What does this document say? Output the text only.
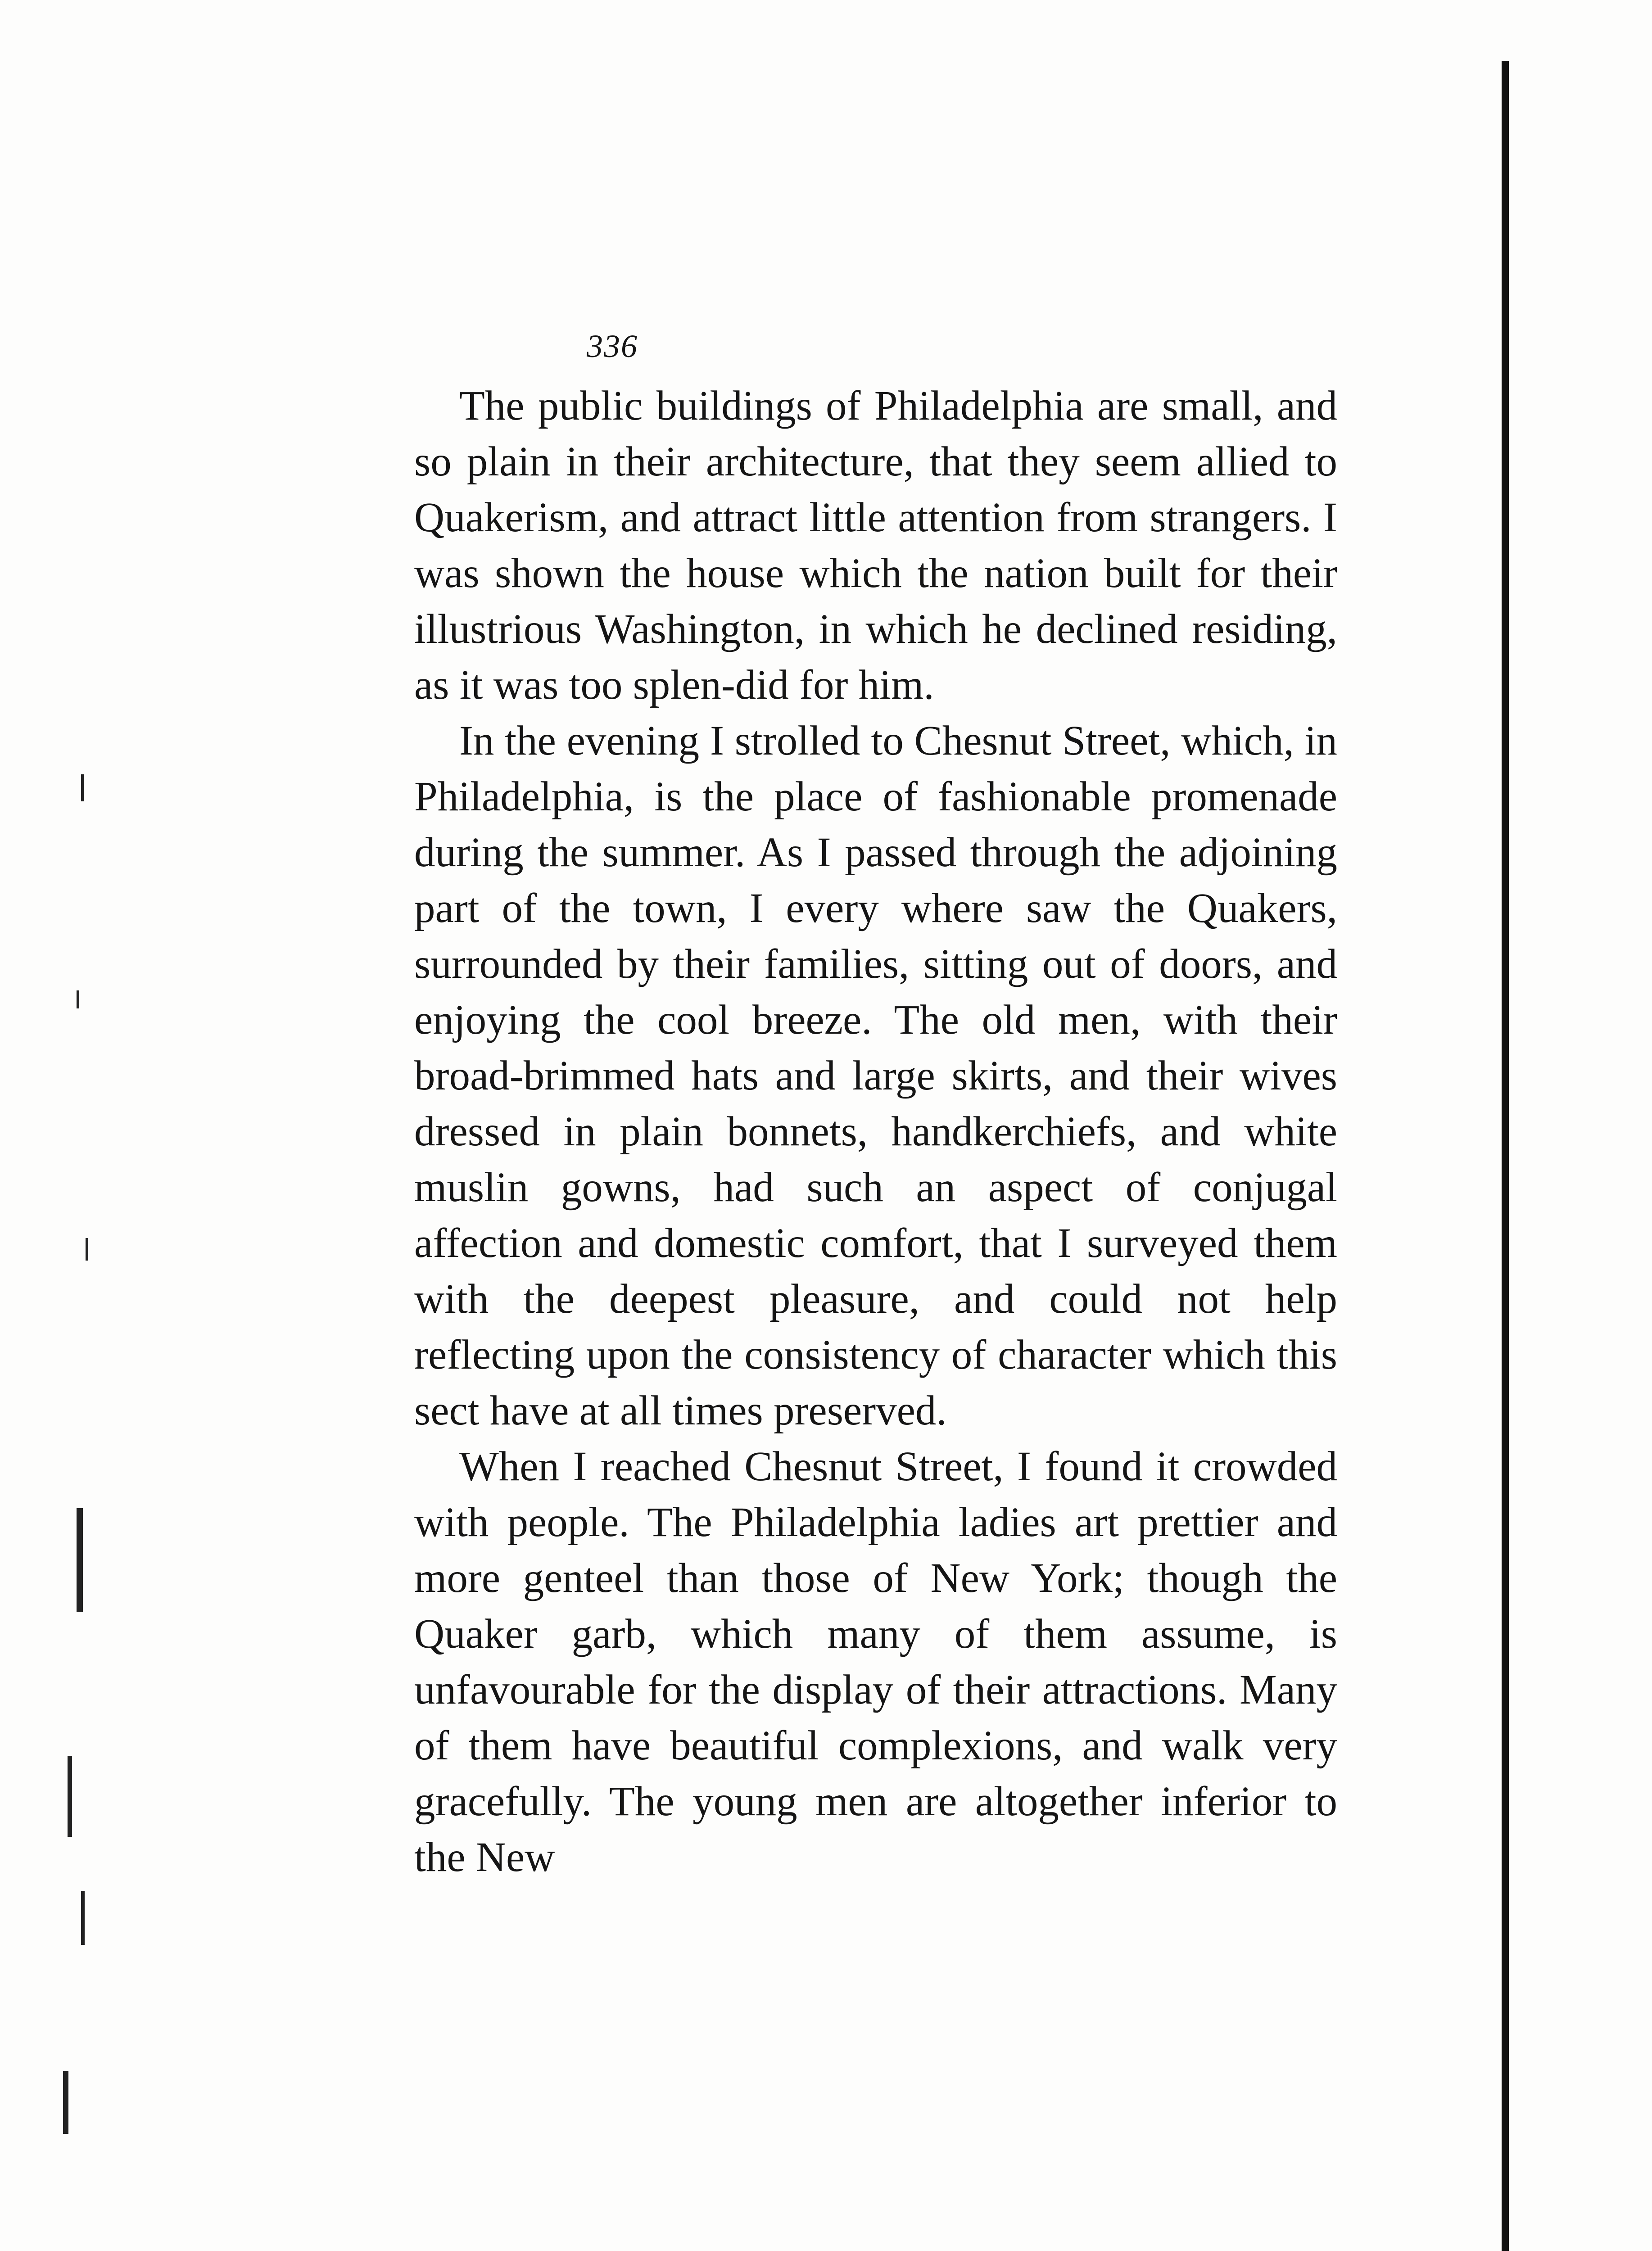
336

The public buildings of Philadelphia are small, and so plain in their architecture, that they seem allied to Quakerism, and attract little attention from strangers. I was shown the house which the nation built for their illustrious Washington, in which he declined residing, as it was too splen-did for him.

In the evening I strolled to Chesnut Street, which, in Philadelphia, is the place of fashionable promenade during the summer. As I passed through the adjoining part of the town, I every where saw the Quakers, surrounded by their families, sitting out of doors, and enjoying the cool breeze. The old men, with their broad-brimmed hats and large skirts, and their wives dressed in plain bonnets, handkerchiefs, and white muslin gowns, had such an aspect of conjugal affection and domestic comfort, that I surveyed them with the deepest pleasure, and could not help reflecting upon the consistency of character which this sect have at all times preserved.

When I reached Chesnut Street, I found it crowded with people. The Philadelphia ladies art prettier and more genteel than those of New York; though the Quaker garb, which many of them assume, is unfavourable for the display of their attractions. Many of them have beautiful complexions, and walk very gracefully. The young men are altogether inferior to the New
